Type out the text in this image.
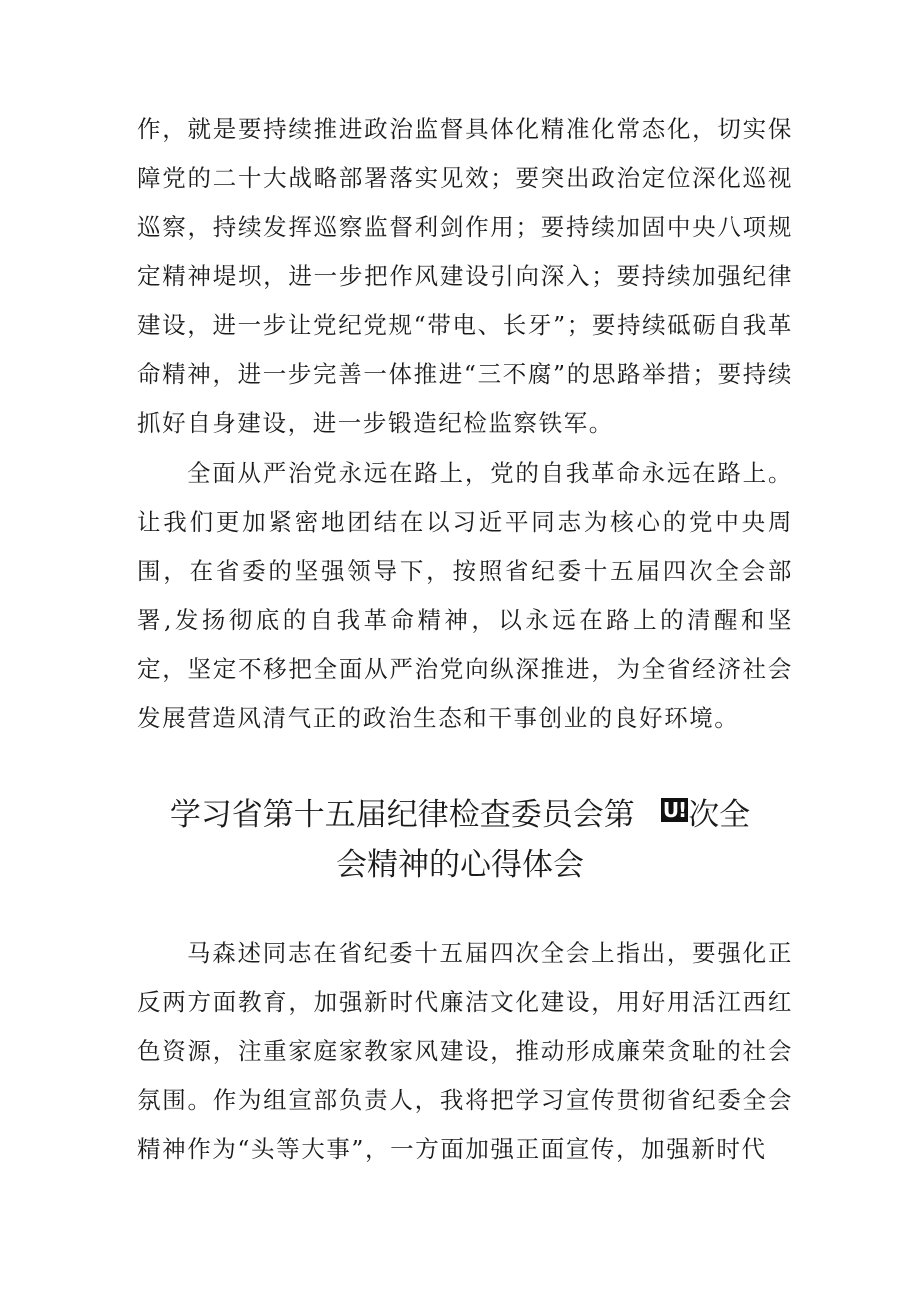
作，就是要持续推进政治监督具体化精准化常态化，切实保障党的二十大战略部署落实见效；要突出政治定位深化巡视巡察，持续发挥巡察监督利剑作用；要持续加固中央八项规定精神堤坝，进一步把作风建设引向深入；要持续加强纪律建设，进一步让党纪党规“带电、长牙”；要持续砥砺自我革命精神，进一步完善一体推进“三不腐”的思路举措；要持续抓好自身建设，进一步锻造纪检监察铁军。

全面从严治党永远在路上，党的自我革命永远在路上。让我们更加紧密地团结在以习近平同志为核心的党中央周围，在省委的坚强领导下，按照省纪委十五届四次全会部署,发扬彻底的自我革命精神，以永远在路上的清醒和坚定，坚定不移把全面从严治党向纵深推进，为全省经济社会发展营造风清气正的政治生态和干事创业的良好环境。

学习省第十五届纪律检查委员会第 U!次全
会精神的心得体会

马森述同志在省纪委十五届四次全会上指出，要强化正反两方面教育，加强新时代廉洁文化建设，用好用活江西红色资源，注重家庭家教家风建设，推动形成廉荣贪耻的社会氛围。作为组宣部负责人，我将把学习宣传贯彻省纪委全会精神作为“头等大事”，一方面加强正面宣传，加强新时代
